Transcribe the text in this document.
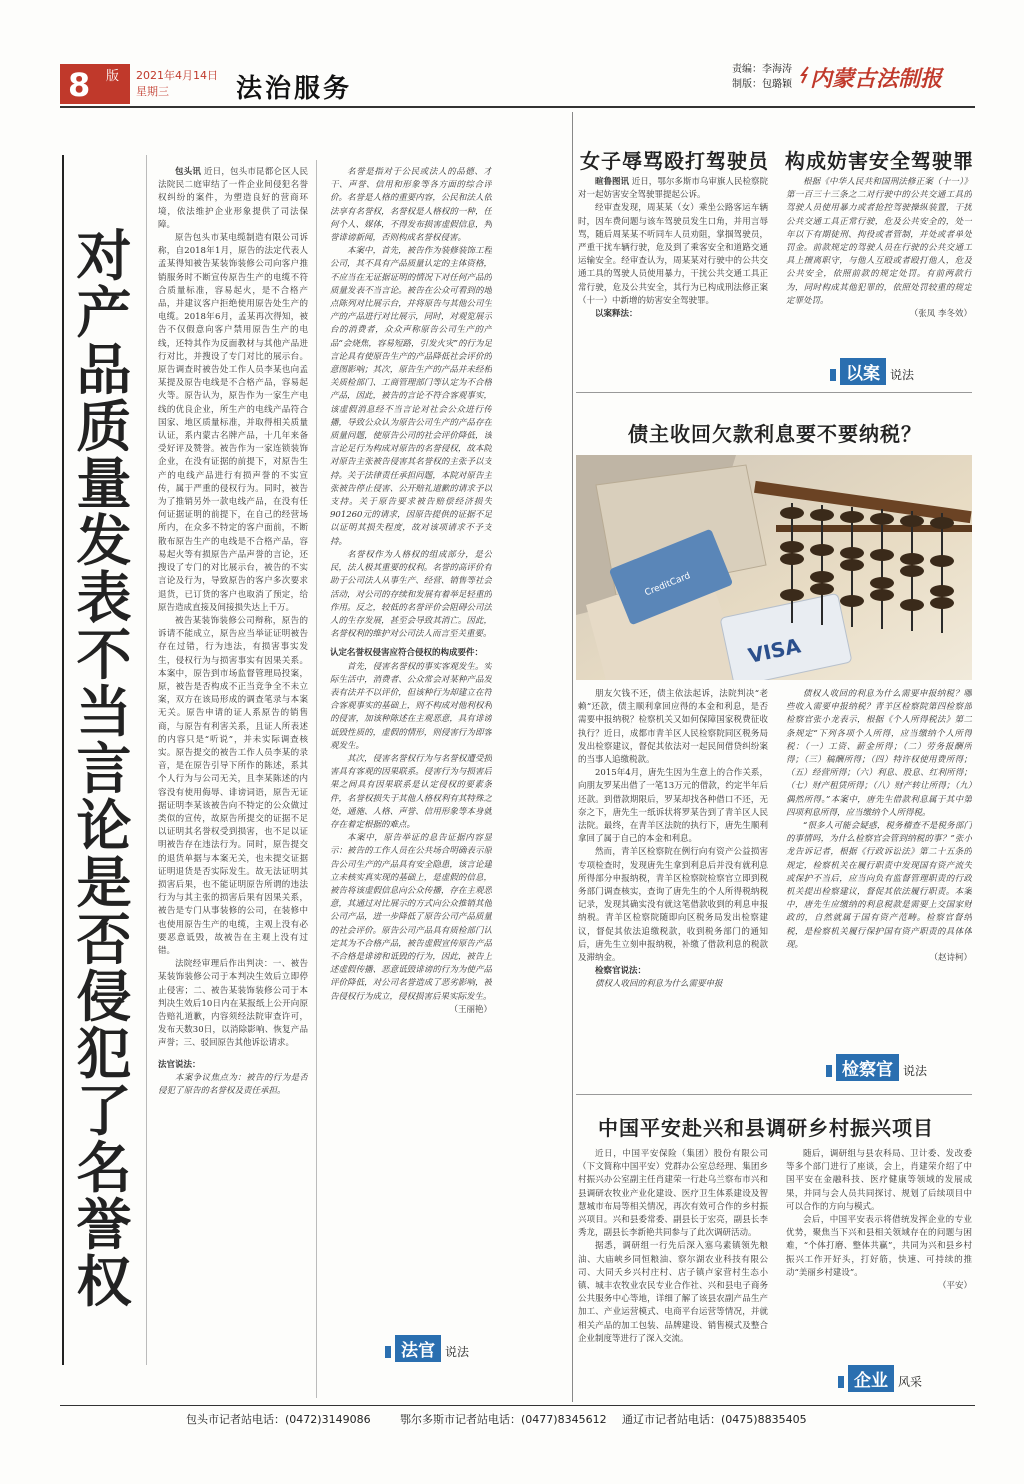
8 版 2021年4月14日
星期三	法治服务
责编：李海涛
制版：包璐颖 内蒙古法制报
对产品质量发表不当言论是否侵犯了名誉权

包头讯 近日，包头市昆都仑区人民法院民二庭审结了一件企业间侵犯名誉权纠纷的案件，为塑造良好的营商环境，依法维护企业形象提供了司法保障。

原告包头市某电缆制造有限公司诉称，自2018年1月，原告的法定代表人孟某得知被告某装饰装修公司向客户推销服务时不断宣传原告生产的电缆不符合质量标准，容易起火，是不合格产品，并建议客户拒绝使用原告处生产的电缆。2018年6月，孟某再次得知，被告不仅假意向客户禁用原告生产的电线，还特其作为反面教材与其他产品进行对比，并搜设了专门对比的展示台。原告调查时被告处工作人员李某也向孟某提及原告电线是不合格产品，容易起火等。原告认为，原告作为一家生产电线的优良企业，所生产的电线产品符合国家、地区质量标准，并取得相关质量认证，系内蒙古名牌产品，十几年来备受好评及赞誉。被告作为一家连锁装饰企业，在没有证据的前提下，对原告生产的电线产品进行有损声誉的不实宣传，属于严重的侵权行为。同时，被告为了推销另外一款电线产品，在没有任何证据证明的前提下，在自己的经营场所内，在众多不特定的客户面前，不断散布原告生产的电线是不合格产品，容易起火等有损原告产品声誉的言论，还搜设了专门的对比展示台，被告的不实言论及行为，导致原告的客户多次要求退货，已订货的客户也取消了预定，给原告造成直接及间接损失达上千万。

被告某装饰装修公司辩称，原告的诉请不能成立，原告应当举证证明被告存在过错，行为违法，有损害事实发生，侵权行为与损害事实有因果关系。本案中，原告到市场监督管理局投案，原，被告是否构成不正当竞争全不未立案，双方在该局形成的调查笔录与本案无关。原告申请的证人系原告的销售商，与原告有利害关系，且证人所表述的内容只是“听说”，并未实际调查核实。原告提交的被告工作人员李某的录音，是在原告引导下所作的陈述，系其个人行为与公司无关，且李某陈述的内容没有使用侮辱、诽谤词语，原告无证据证明李某该被告向不特定的公众做过类似的宣传，故原告所提交的证据不足以证明其名誉权受到损害，也不足以证明被告存在违法行为。同时，原告提交的退货单据与本案无关，也未提交证据证明退货是否实际发生。故无法证明其损害后果，也不能证明原告所谓的违法行为与其主张的损害后果有因果关系，被告是专门从事装修的公司，在装修中也使用原告生产的电缆，主观上没有必要恶意诋毁，故被告在主观上没有过错。

法院经审理后作出判决：一、被告某装饰装修公司于本判决生效后立即停止侵害；二、被告某装饰装修公司于本判决生效后10日内在某报纸上公开向原告赔礼道歉，内容须经法院审查许可，发布天数30日，以消除影响、恢复产品声誉；三、驳回原告其他诉讼请求。

法官说法：

本案争议焦点为：被告的行为是否侵犯了原告的名誉权及责任承担。

名誉是指对于公民或法人的品德、才干、声誉、信用和形象等各方面的综合评价。名誉是人格的重要内容，公民和法人依法享有名誉权，名誉权是人格权的一种，任何个人、媒体，不得发布损害虚假信息，判誉诽谤新闻，否则构成名誉权侵害。

本案中，首先，被告作为装修装饰工程公司，其不具有产品质量认定的主体资格，不应当在无证据证明的情况下对任何产品的质量发表不当言论。被告在公众可看到的地点陈列对比展示台，并将原告与其他公司生产的产品进行对比展示，同时，对观览展示台的消费者，众众声称原告公司生产的产品“会烧焦，容易短路，引发火灾”的行为足言论具有使原告生产的产品降低社会评价的意图影响；其次，原告生产的产品并未经相关质检部门、工商管理部门等认定为不合格产品，因此，被告的言论不符合客观事实，该虚假消息经不当言论对社会公众进行传播，导致公众认为原告公司生产的产品存在质量问题，使原告公司的社会评价降低，该言论足行为构成对原告的名誉侵权，故本院对原告主张被告侵害其名誉权的主张予以支持。关于法律责任承担问题，本院对原告主张被告停止侵害、公开赔礼道歉的请求予以支持。关于原告要求被告赔偿经济损失901260元的请求，因原告提供的证据不足以证明其损失程度，故对该项请求不予支持。

名誉权作为人格权的组成部分，是公民，法人极其重要的权利。名誉的高评价有助于公司法人从事生产、经营、销售等社会活动，对公司的存续和发展有着举足轻重的作用。反之，较低的名誉评价会阻碍公司法人的生存发展，甚至会导致其消亡。因此，名誉权利的维护对公司法人而言至关重要。

认定名誉权侵害应符合侵权的构成要件：

首先，侵害名誉权的事实客观发生。实际生活中，消费者、公众常会对某种产品发表有法并不以评价，但该种行为却建立在符合客观事实的基础上，则不构成对他利权利的侵害，加该种陈述在主观恶意，具有诽谤诋毁性质的，虚假的情形，则侵害行为即客观发生。

其次，侵害名誉权行为与名誉权遭受损害具有客观的因果联系。侵害行为与损害后果之间具有因果联系是认定侵权的要素条件，名誉权损失于其他人格权利有其特殊之处，通施、人格、声誉、信用形象等本身就存在着定根据的难点。

本案中，原告举证的息告证据内容显示：被告的工作人员在公共场合明确表示原告公司生产的产品具有安全隐患，该言论建立未核实真实现的基础上，是虚假的信息，被告将该虚假信息向公众传播，存在主观恶意，其通过对比展示的方式向公众推销其他公司产品，进一步降低了原告公司产品质量的社会评价。原告公司产品具有质检部门认定其为不合格产品，被告虚假宣传原告产品不合格是诽谤和诋毁的行为，因此，被告上述虚假传播、恶意诋毁诽谤的行为为使产品评价降低，对公司名誉造成了恶劣影响，被告侵权行为成立，侵权损害后果实际发生。

（王丽艳）
法官 说法
女子辱骂殴打驾驶员 构成妨害安全驾驶罪

暄鲁图讯 近日，鄂尔多斯市乌审旗人民检察院对一起妨害安全驾驶罪提起公诉。

经审查发现，周某某（女）乘坐公路客运车辆时，因车费问题与该车驾驶员发生口角，并用言辱骂，随后周某某不听同车人员劝阻，掌掴驾驶员，严重干扰车辆行驶，危及到了乘客安全和道路交通运输安全。经审查认为，周某某对行驶中的公共交通工具的驾驶人员使用暴力，干扰公共交通工具正常行驶，危及公共安全，其行为已构成刑法修正案（十一）中新增的妨害安全驾驶罪。

以案释法：

根据《中华人民共和国刑法修正案（十一）》第一百三十三条之二对行驶中的公共交通工具的驾驶人员使用暴力或者抢控驾驶操纵装置，干扰公共交通工具正常行驶，危及公共安全的，处一年以下有期徒刑、拘役或者管制，并处或者单处罚金。前款规定的驾驶人员在行驶的公共交通工具上擅离职守，与他人互殴或者殴打他人，危及公共安全，依照前款的规定处罚。有前两款行为，同时构成其他犯罪的，依照处罚较重的规定定罪处罚。

（张凤 李冬效）
以案 说法
债主收回欠款利息要不要纳税？
CreditCard
VISA

朋友欠钱不还，债主依法起诉，法院判决“老赖”还款，债主顺利拿回应得的本金和利息，是否需要申报纳税？检察机关又如何保障国家税费征收执行？近日，成都市青羊区人民检察院同区税务局发出检察建议，督促其依法对一起民间借贷纠纷案的当事人追缴税款。

2015年4月，唐先生因为生意上的合作关系，向朋友罗某出借了一笔13万元的借款，约定半年后还款。到借款期限后，罗某却找各种借口不还，无奈之下，唐先生一纸诉状将罗某告到了青羊区人民法院。最终，在青羊区法院的执行下，唐先生顺利拿回了属于自己的本金和利息。

然而，青羊区检察院在例行向有资产公益损害专项检查时，发现唐先生拿到利息后并没有就利息所得部分申报纳税，青羊区检察院检察官立即到税务部门调查核实，查询了唐先生的个人所得税纳税记录，发现其确实没有就这笔借款收到的利息申报纳税。青羊区检察院随即向区税务局发出检察建议，督促其依法追缴税款，收到税务部门的通知后，唐先生立刻申报纳税，补缴了借款利息的税款及滞纳金。

检察官说法：

债权人收回的利息为什么需要申报

债权人收回的利息为什么需要申报纳税？哪些收入需要申报纳税？青羊区检察院第四检察部检察官张小龙表示，根据《个人所得税法》第二条规定“下列各项个人所得，应当缴纳个人所得税：（一）工资、薪金所得；（二）劳务报酬所得；（三）稿酬所得；（四）特许权使用费所得；（五）经营所得；（六）利息、股息、红利所得；（七）财产租赁所得；（八）财产转让所得；（九）偶然所得。”本案中，唐先生借款利息属于其中第四项利息所得，应当缴纳个人所得税。

“很多人可能会疑惑，税务稽查不是税务部门的事情吗，为什么检察官会管到纳税的事？”张小龙告诉记者，根据《行政诉讼法》第二十五条的规定，检察机关在履行职责中发现国有资产流失或保护不当后，应当向负有监督管理职责的行政机关提出检察建议，督促其依法履行职责。本案中，唐先生应缴纳的利息税款是需要上交国家财政的，自然就属于国有资产范畴。检察官督纳税，是检察机关履行保护国有资产职责的具体体现。

（赵诗柯）
检察官 说法
中国平安赴兴和县调研乡村振兴项目

近日，中国平安保险（集团）股份有限公司（下文简称中国平安）党群办公室总经理、集团乡村振兴办公室副主任肖建荣一行赴乌兰察布市兴和县调研农牧业产业化建设、医疗卫生体系建设及智慧城市布局等相关情况，再次有效可合作的乡村振兴项目。兴和县委常委、副县长于宏亮，副县长李秀龙，副县长李新艳共同参与了此次调研活动。

据悉，调研组一行先后深入塞乌素镇领先粮油、大庙峡乡同恒粮油、察尔湖农业科技有限公司、大同夭乡兴村庄村、店子镇卢家营村生态小镇、城丰农牧业农民专业合作社、兴和县电子商务公共服务中心等地，详细了解了该县农副产品生产加工、产业运营模式、电商平台运营等情况，并就相关产品的加工包装、品牌建设、销售模式及整合企业制度等进行了深入交流。

随后，调研组与县农科局、卫计委、发改委等多个部门进行了座谈，会上，肖建荣介绍了中国平安在金融科技、医疗健康等领域的发展成果，并同与会人员共同探讨、规划了后续项目中可以合作的方向与模式。

会后，中国平安表示将借统发挥企业的专业优势，聚焦当下兴和县相关领域存在的问题与困难，“个体打磨、整体共赢”，共同为兴和县乡村振兴工作开好头，打好筋，快速、可持续的推动“美丽乡村建设”。

（平安）
企业 风采
包头市记者站电话：(0472)3149086	鄂尔多斯市记者站电话：(0477)8345612 通辽市记者站电话：(0475)8835405
